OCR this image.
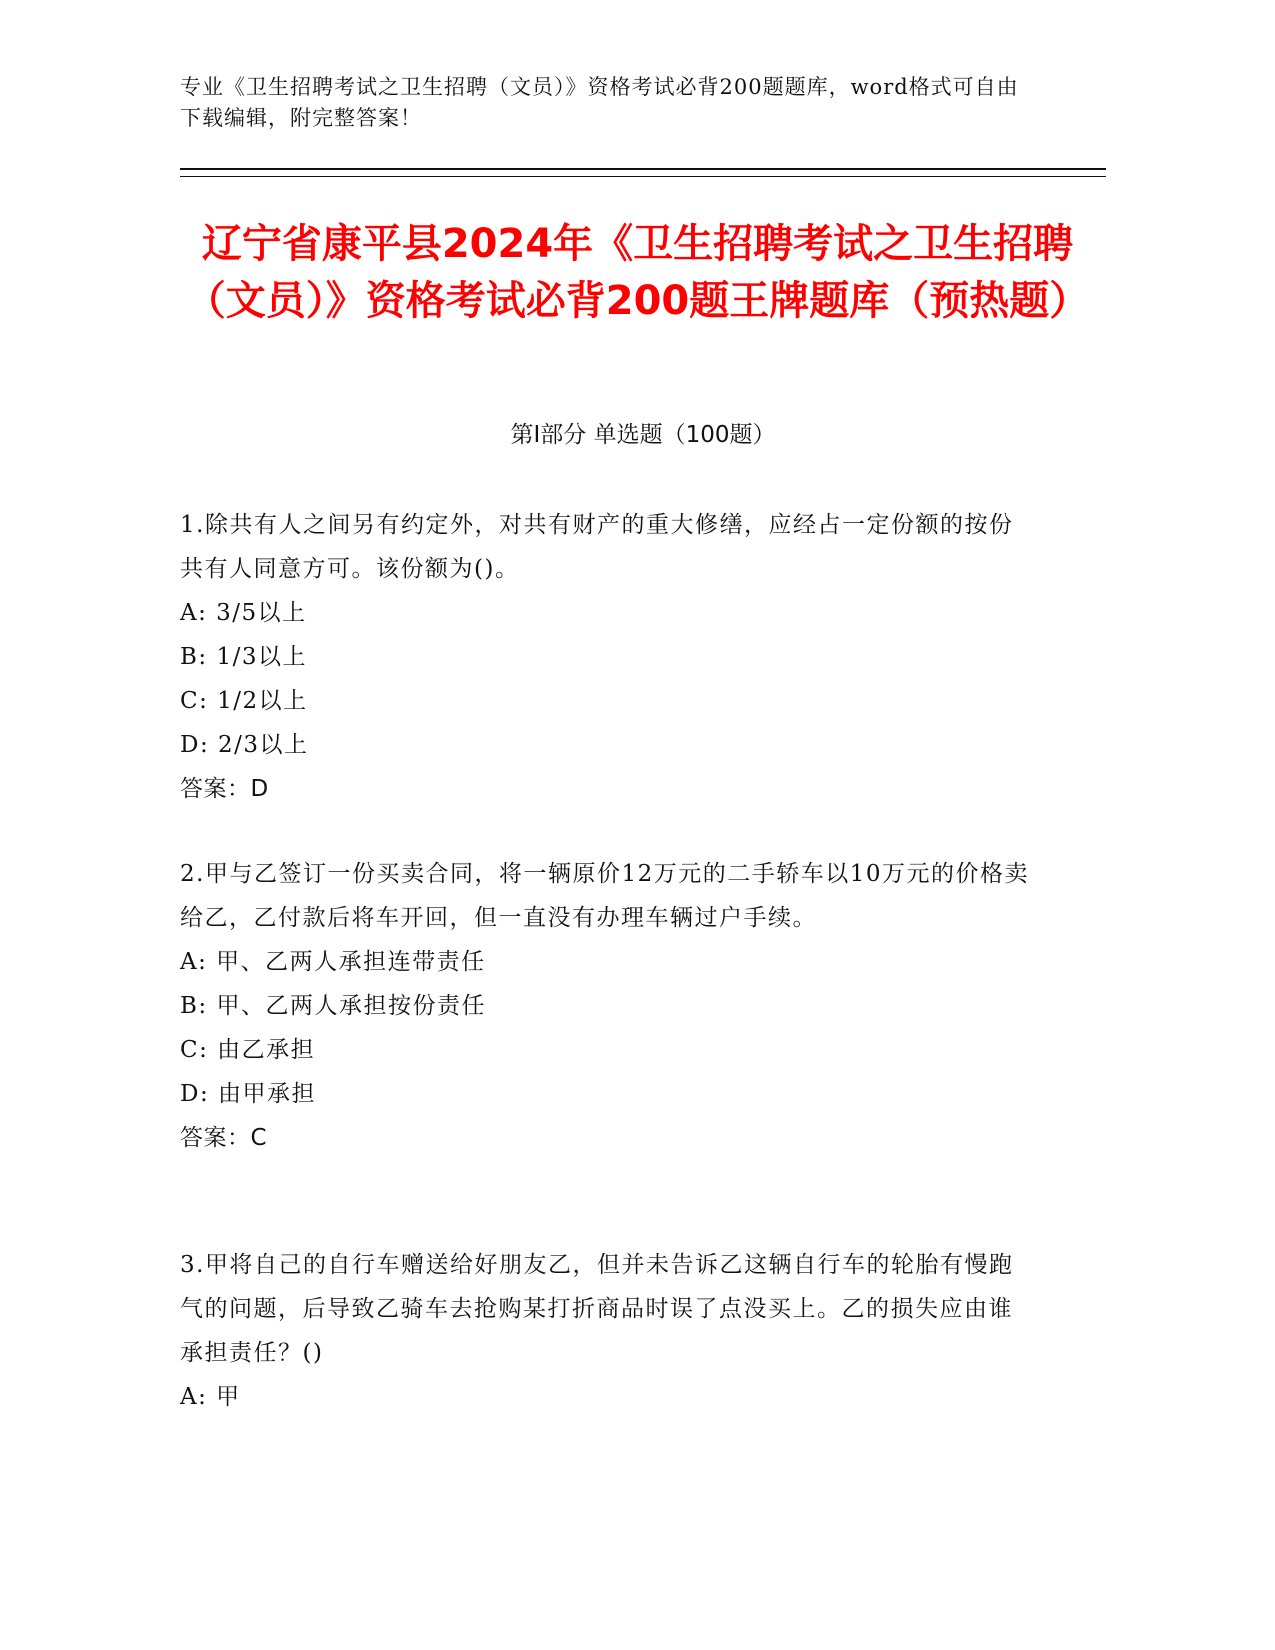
专业《卫生招聘考试之卫生招聘（文员）》资格考试必背200题题库，word格式可自由下载编辑，附完整答案！
辽宁省康平县2024年《卫生招聘考试之卫生招聘（文员）》资格考试必背200题王牌题库（预热题）
第Ⅰ部分 单选题（100题）

1.除共有人之间另有约定外，对共有财产的重大修缮，应经占一定份额的按份共有人同意方可。该份额为()。

A: 3/5以上

B: 1/3以上

C: 1/2以上

D: 2/3以上

答案：D

2.甲与乙签订一份买卖合同，将一辆原价12万元的二手轿车以10万元的价格卖给乙，乙付款后将车开回，但一直没有办理车辆过户手续。

A: 甲、乙两人承担连带责任

B: 甲、乙两人承担按份责任

C: 由乙承担

D: 由甲承担

答案：C

3.甲将自己的自行车赠送给好朋友乙，但并未告诉乙这辆自行车的轮胎有慢跑气的问题，后导致乙骑车去抢购某打折商品时误了点没买上。乙的损失应由谁承担责任？()

A: 甲
